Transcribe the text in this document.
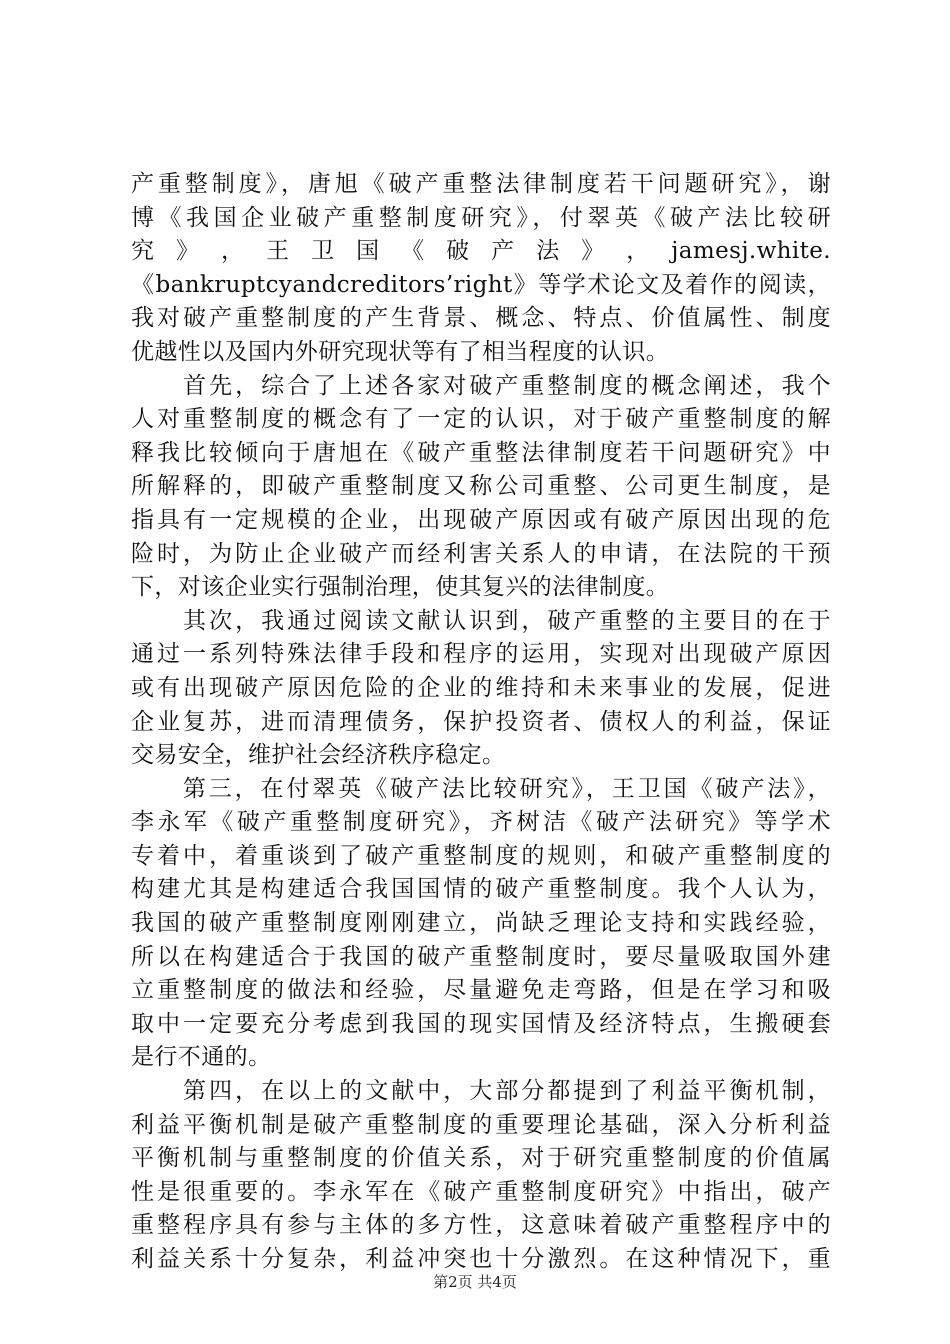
产重整制度》，唐旭《破产重整法律制度若干问题研究》，谢
博《我国企业破产重整制度研究》，付翠英《破产法比较研
究 》 ， 王 卫 国 《 破 产 法 》 ， jamesj.white.
《bankruptcyandcreditors’right》等学术论文及着作的阅读，
我对破产重整制度的产生背景、概念、特点、价值属性、制度
优越性以及国内外研究现状等有了相当程度的认识。
　　首先，综合了上述各家对破产重整制度的概念阐述，我个
人对重整制度的概念有了一定的认识，对于破产重整制度的解
释我比较倾向于唐旭在《破产重整法律制度若干问题研究》中
所解释的，即破产重整制度又称公司重整、公司更生制度，是
指具有一定规模的企业，出现破产原因或有破产原因出现的危
险时，为防止企业破产而经利害关系人的申请，在法院的干预
下，对该企业实行强制治理，使其复兴的法律制度。
　　其次，我通过阅读文献认识到，破产重整的主要目的在于
通过一系列特殊法律手段和程序的运用，实现对出现破产原因
或有出现破产原因危险的企业的维持和未来事业的发展，促进
企业复苏，进而清理债务，保护投资者、债权人的利益，保证
交易安全，维护社会经济秩序稳定。
　　第三，在付翠英《破产法比较研究》，王卫国《破产法》，
李永军《破产重整制度研究》，齐树洁《破产法研究》等学术
专着中，着重谈到了破产重整制度的规则，和破产重整制度的
构建尤其是构建适合我国国情的破产重整制度。我个人认为，
我国的破产重整制度刚刚建立，尚缺乏理论支持和实践经验，
所以在构建适合于我国的破产重整制度时，要尽量吸取国外建
立重整制度的做法和经验，尽量避免走弯路，但是在学习和吸
取中一定要充分考虑到我国的现实国情及经济特点，生搬硬套
是行不通的。
　　第四，在以上的文献中，大部分都提到了利益平衡机制，
利益平衡机制是破产重整制度的重要理论基础，深入分析利益
平衡机制与重整制度的价值关系，对于研究重整制度的价值属
性是很重要的。李永军在《破产重整制度研究》中指出，破产
重整程序具有参与主体的多方性，这意味着破产重整程序中的
利益关系十分复杂，利益冲突也十分激烈。在这种情况下，重
第2页 共4页
